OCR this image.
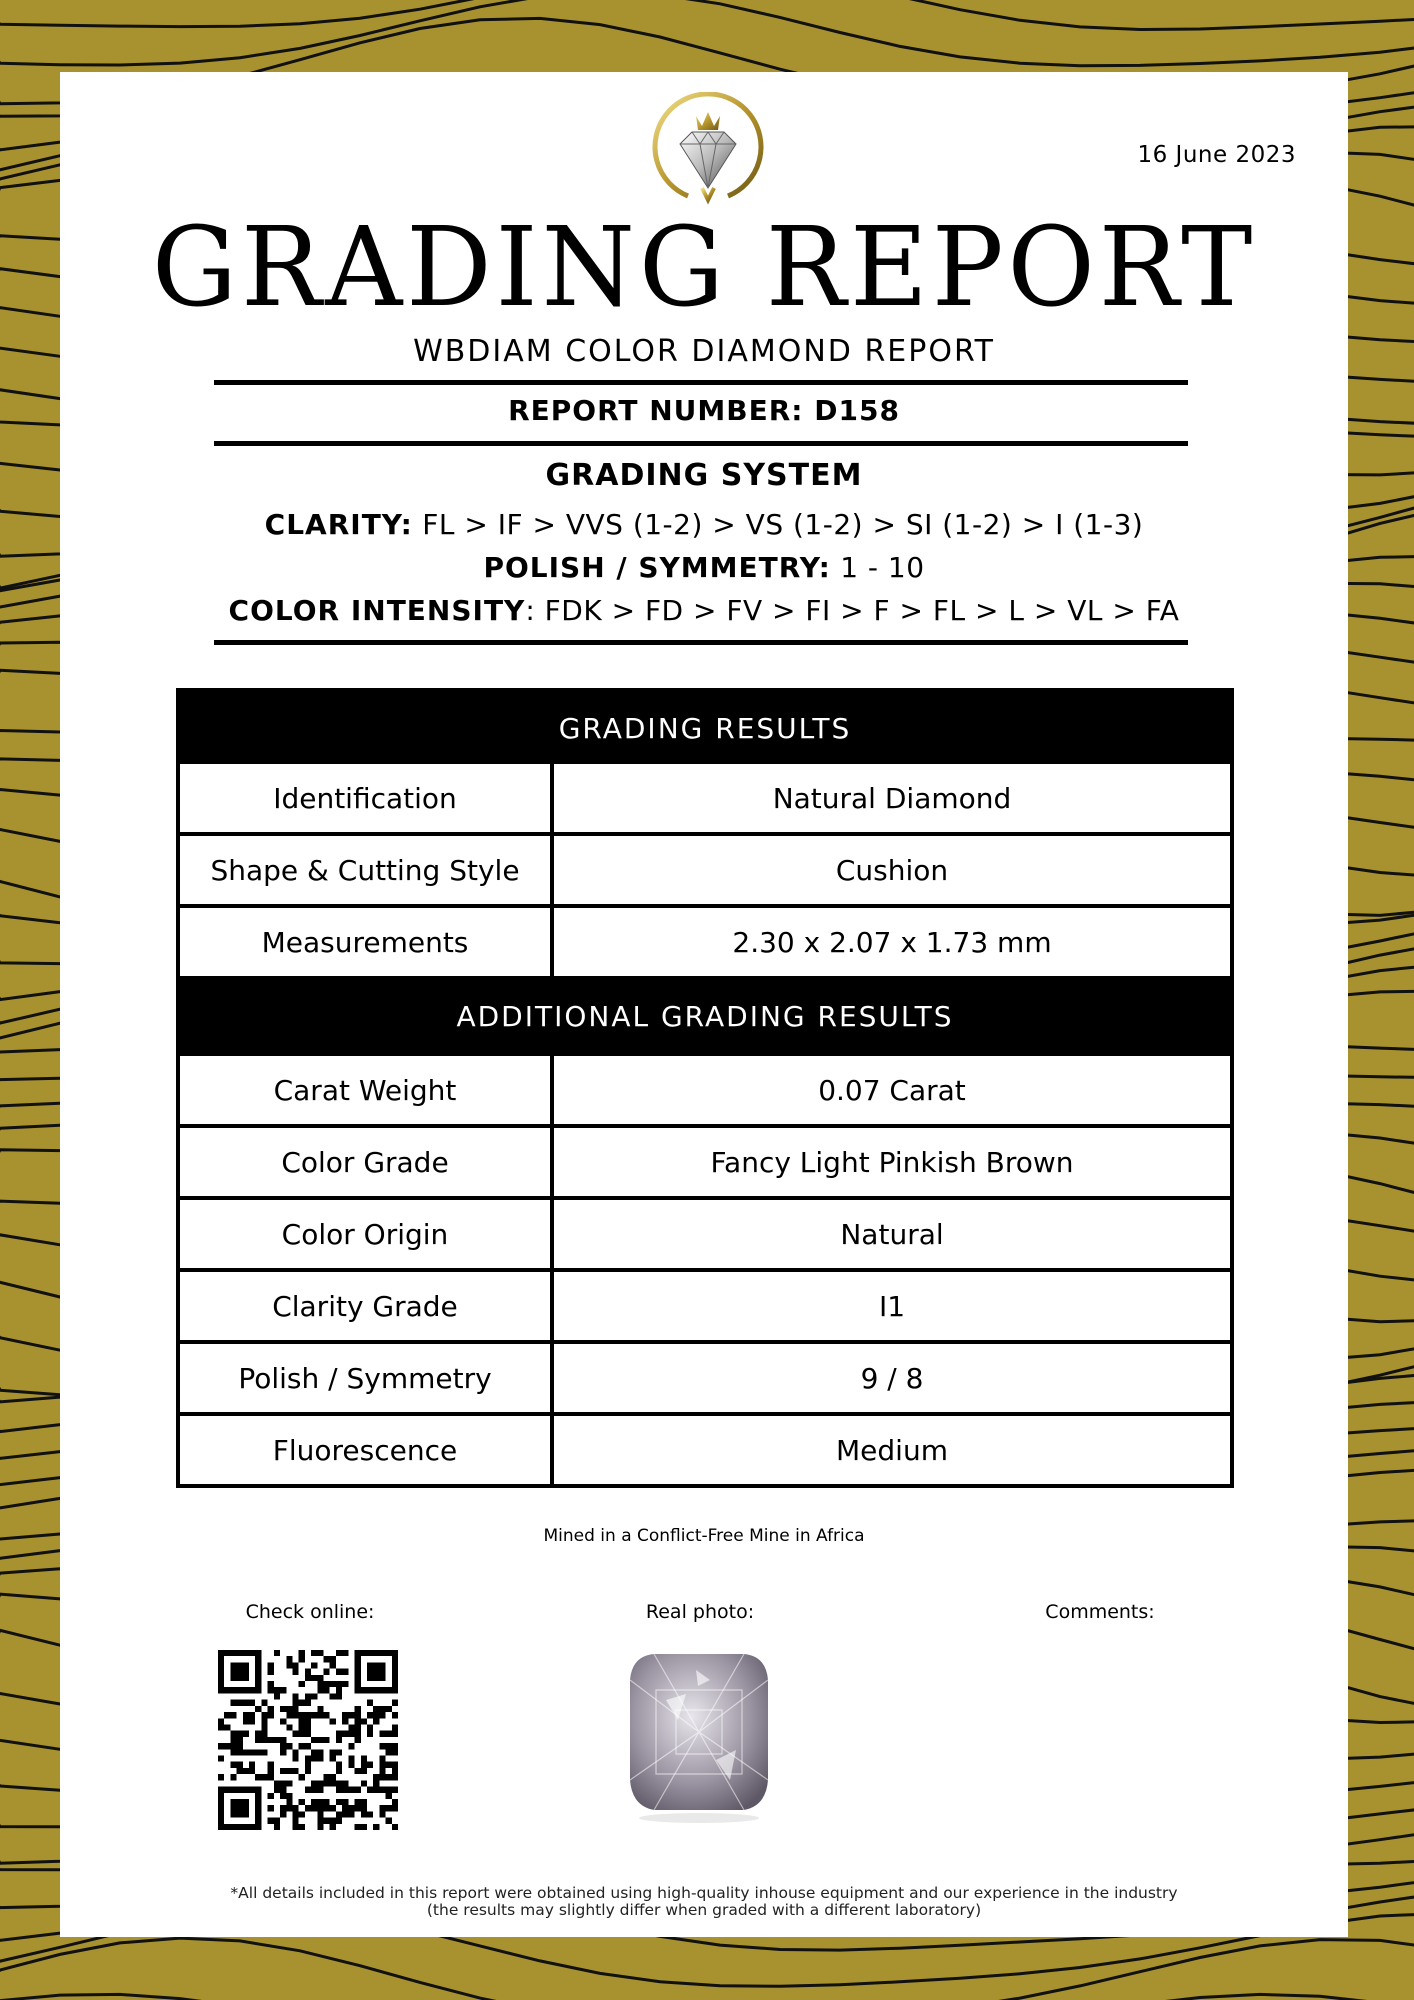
16 June 2023
GRADING REPORT
WBDIAM COLOR DIAMOND REPORT
REPORT NUMBER: D158
GRADING SYSTEM
CLARITY: FL > IF > VVS (1-2) > VS (1-2) > SI (1-2) > I (1-3)
POLISH / SYMMETRY: 1 - 10
COLOR INTENSITY: FDK > FD > FV > FI > F > FL > L > VL > FA
GRADING RESULTS
Identification	Natural Diamond
Shape & Cutting Style	Cushion
Measurements	2.30 x 2.07 x 1.73 mm
ADDITIONAL GRADING RESULTS
Carat Weight	0.07 Carat
Color Grade	Fancy Light Pinkish Brown
Color Origin	Natural
Clarity Grade	I1
Polish / Symmetry	9 / 8
Fluorescence	Medium
Mined in a Conflict-Free Mine in Africa
Check online:	Real photo:	Comments:
*All details included in this report were obtained using high-quality inhouse equipment and our experience in the industry
(the results may slightly differ when graded with a different laboratory)
